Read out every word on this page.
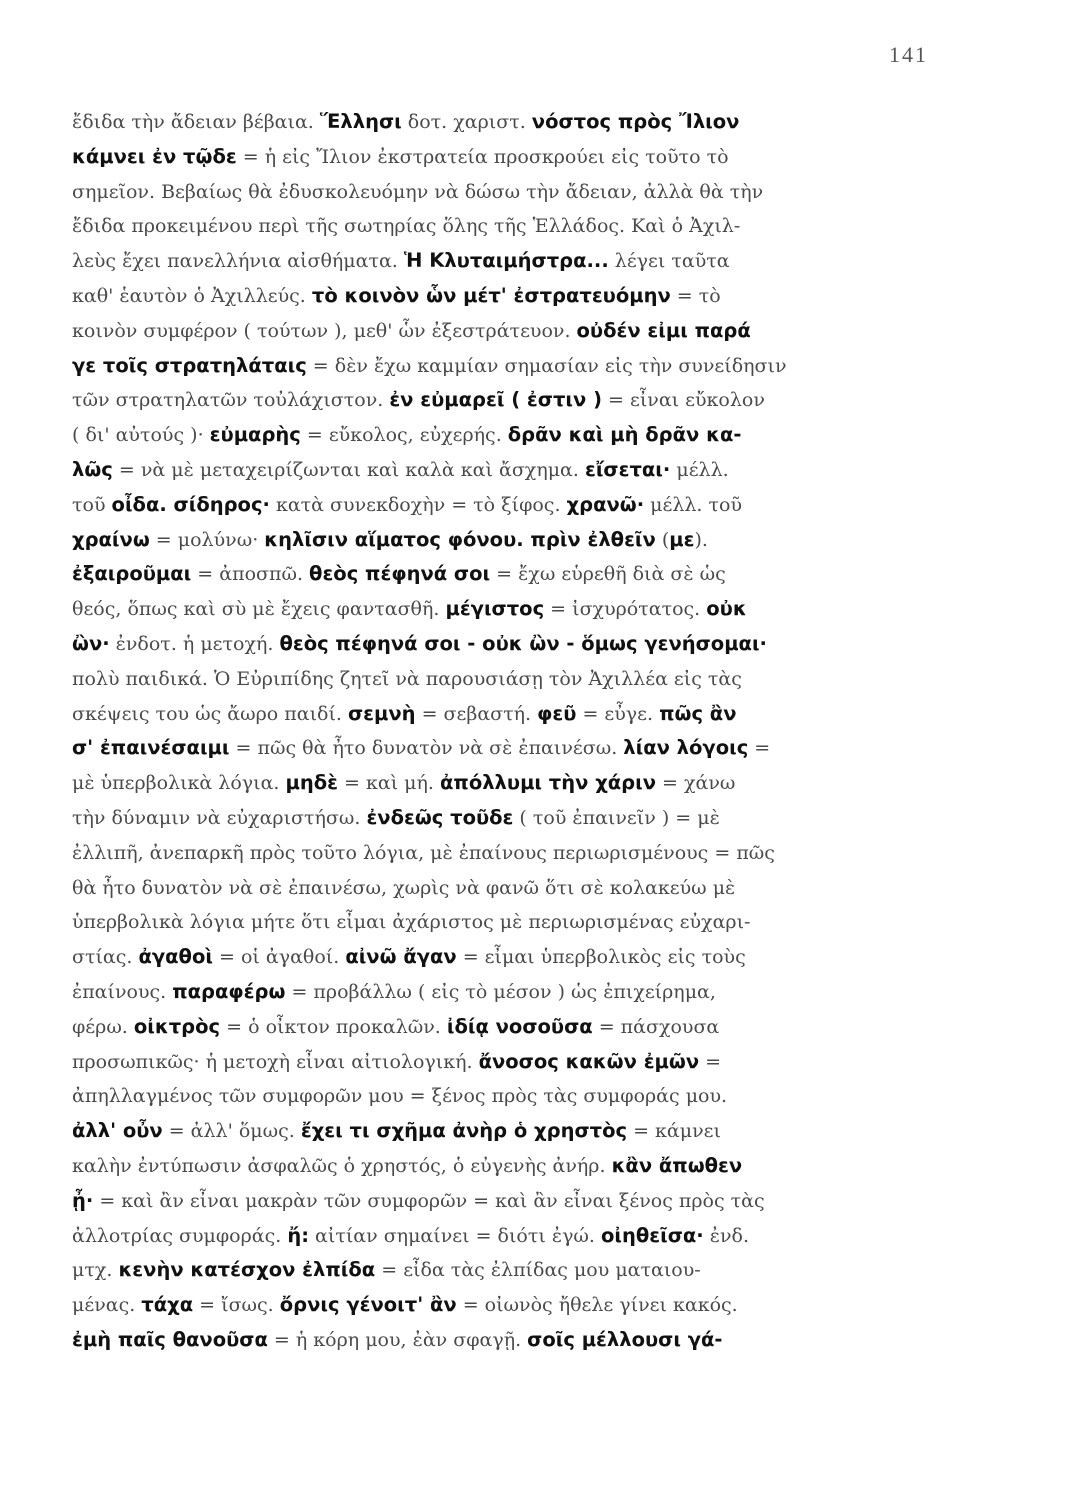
141
ἔδιδα τὴν ἄδειαν βέβαια. Ἕλλησι δοτ. χαριστ. νόστος πρὸς Ἴλιον
κάμνει ἐν τῷδε = ἡ εἰς Ἴλιον ἐκστρατεία προσκρούει εἰς τοῦτο τὸ
σημεῖον. Βεβαίως θὰ ἐδυσκολευόμην νὰ δώσω τὴν ἄδειαν, ἀλλὰ θὰ τὴν
ἔδιδα προκειμένου περὶ τῆς σωτηρίας ὅλης τῆς Ἑλλάδος. Καὶ ὁ Ἀχιλ-
λεὺς ἔχει πανελλήνια αἰσθήματα. Ἡ Κλυταιμήστρα... λέγει ταῦτα
καθ' ἑαυτὸν ὁ Ἀχιλλεύς. τὸ κοινὸν ὧν μέτ' ἐστρατευόμην = τὸ
κοινὸν συμφέρον ( τούτων ), μεθ' ὧν ἐξεστράτευον. οὐδέν εἰμι παρά
γε τοῖς στρατηλάταις = δὲν ἔχω καμμίαν σημασίαν εἰς τὴν συνείδησιν
τῶν στρατηλατῶν τοὐλάχιστον. ἐν εὐμαρεῖ ( ἐστιν ) = εἶναι εὔκολον
( δι' αὐτούς )· εὐμαρὴς = εὔκολος, εὐχερής. δρᾶν καὶ μὴ δρᾶν κα-
λῶς = νὰ μὲ μεταχειρίζωνται καὶ καλὰ καὶ ἄσχημα. εἴσεται· μέλλ.
τοῦ οἶδα. σίδηρος· κατὰ συνεκδοχὴν = τὸ ξίφος. χρανῶ· μέλλ. τοῦ
χραίνω = μολύνω· κηλῖσιν αἵματος φόνου. πρὶν ἐλθεῖν (με).
ἐξαιροῦμαι = ἀποσπῶ. θεὸς πέφηνά σοι = ἔχω εὑρεθῆ διὰ σὲ ὡς
θεός, ὅπως καὶ σὺ μὲ ἔχεις φαντασθῆ. μέγιστος = ἰσχυρότατος. οὐκ
ὢν· ἐνδοτ. ἡ μετοχή. θεὸς πέφηνά σοι - οὐκ ὢν - ὅμως γενήσομαι·
πολὺ παιδικά. Ὁ Εὐριπίδης ζητεῖ νὰ παρουσιάσῃ τὸν Ἀχιλλέα εἰς τὰς
σκέψεις του ὡς ἄωρο παιδί. σεμνὴ = σεβαστή. φεῦ = εὖγε. πῶς ἂν
σ' ἐπαινέσαιμι = πῶς θὰ ἦτο δυνατὸν νὰ σὲ ἐπαινέσω. λίαν λόγοις =
μὲ ὑπερβολικὰ λόγια. μηδὲ = καὶ μή. ἀπόλλυμι τὴν χάριν = χάνω
τὴν δύναμιν νὰ εὐχαριστήσω. ἐνδεῶς τοῦδε ( τοῦ ἐπαινεῖν ) = μὲ
ἐλλιπῆ, ἀνεπαρκῆ πρὸς τοῦτο λόγια, μὲ ἐπαίνους περιωρισμένους = πῶς
θὰ ἦτο δυνατὸν νὰ σὲ ἐπαινέσω, χωρὶς νὰ φανῶ ὅτι σὲ κολακεύω μὲ
ὑπερβολικὰ λόγια μήτε ὅτι εἶμαι ἀχάριστος μὲ περιωρισμένας εὐχαρι-
στίας. ἀγαθοὶ = οἱ ἀγαθοί. αἰνῶ ἄγαν = εἶμαι ὑπερβολικὸς εἰς τοὺς
ἐπαίνους. παραφέρω = προβάλλω ( εἰς τὸ μέσον ) ὡς ἐπιχείρημα,
φέρω. οἰκτρὸς = ὁ οἶκτον προκαλῶν. ἰδίᾳ νοσοῦσα = πάσχουσα
προσωπικῶς· ἡ μετοχὴ εἶναι αἰτιολογική. ἄνοσος κακῶν ἐμῶν =
ἀπηλλαγμένος τῶν συμφορῶν μου = ξένος πρὸς τὰς συμφοράς μου.
ἀλλ' οὖν = ἀλλ' ὅμως. ἔχει τι σχῆμα ἀνὴρ ὁ χρηστὸς = κάμνει
καλὴν ἐντύπωσιν ἀσφαλῶς ὁ χρηστός, ὁ εὐγενὴς ἀνήρ. κἂν ἄπωθεν
ᾖ· = καὶ ἂν εἶναι μακρὰν τῶν συμφορῶν = καὶ ἂν εἶναι ξένος πρὸς τὰς
ἀλλοτρίας συμφοράς. ἤ: αἰτίαν σημαίνει = διότι ἐγώ. οἰηθεῖσα· ἐνδ.
μτχ. κενὴν κατέσχον ἐλπίδα = εἶδα τὰς ἐλπίδας μου ματαιου-
μένας. τάχα = ἴσως. ὄρνις γένοιτ' ἂν = οἰωνὸς ἤθελε γίνει κακός.
ἐμὴ παῖς θανοῦσα = ἡ κόρη μου, ἐὰν σφαγῇ. σοῖς μέλλουσι γά-
